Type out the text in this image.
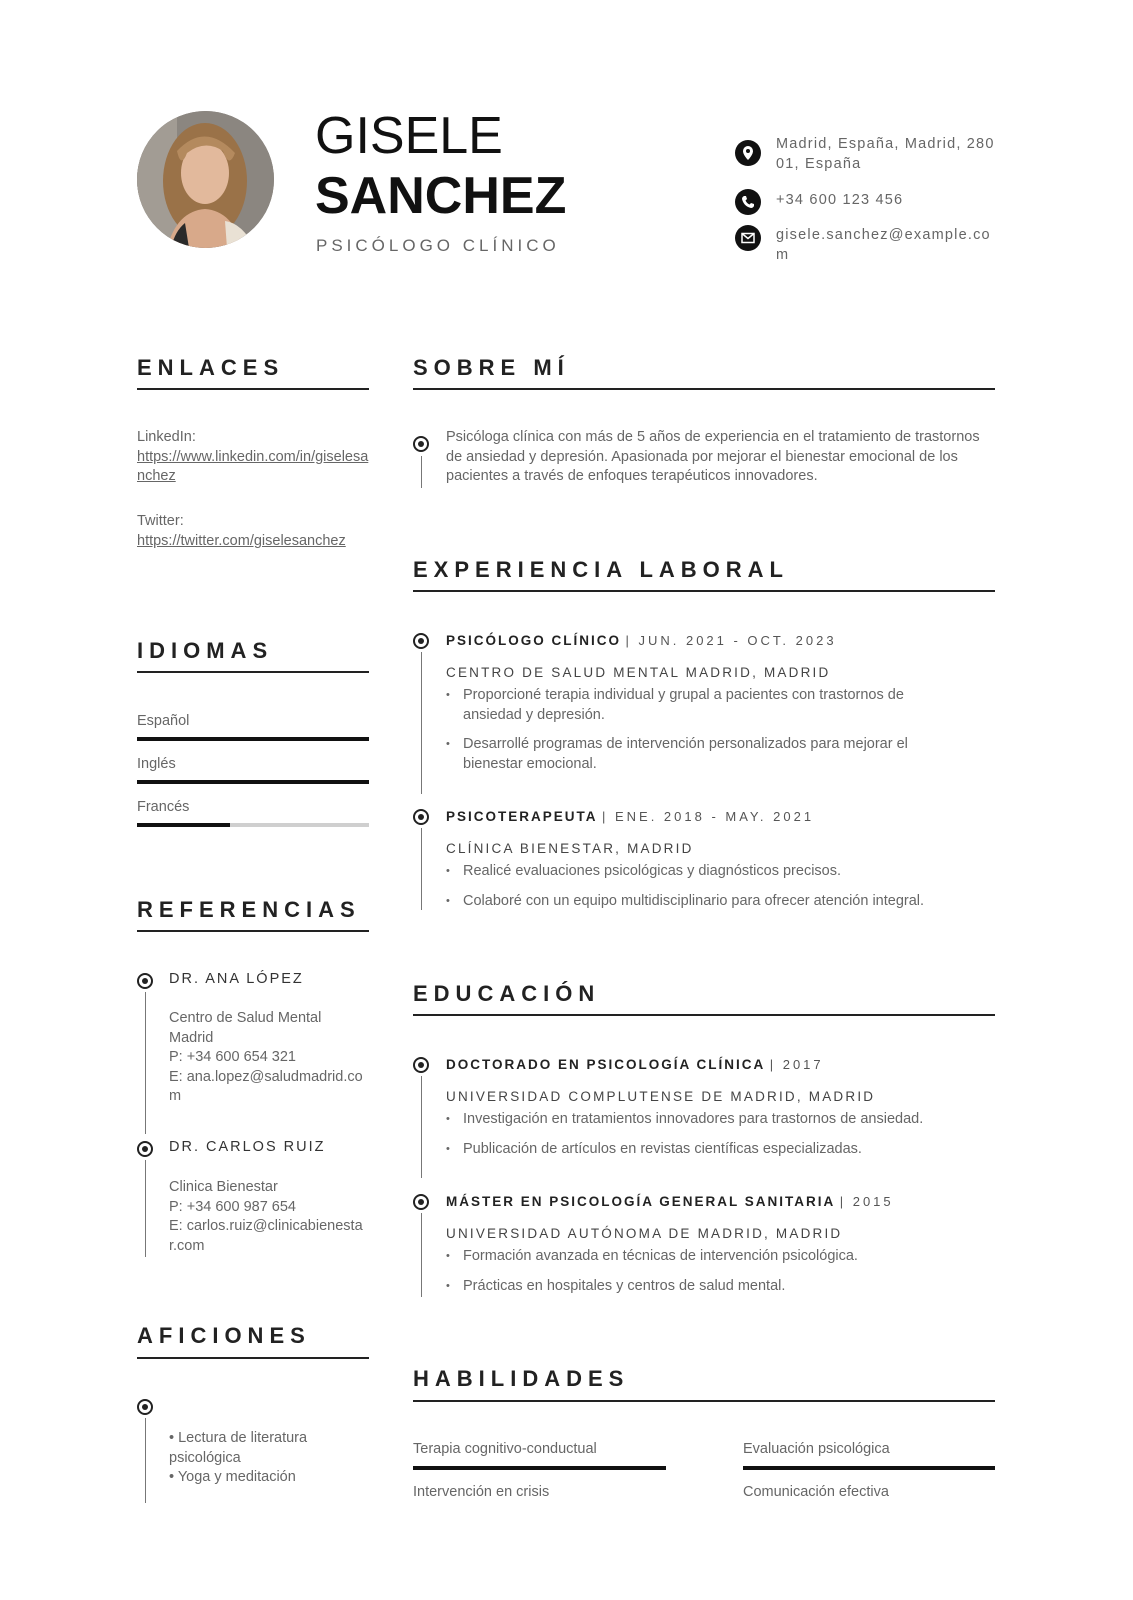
GISELE
SANCHEZ
PSICÓLOGO CLÍNICO
Madrid, España, Madrid, 28001, España
+34 600 123 456
gisele.sanchez@example.com
ENLACES
LinkedIn:
https://www.linkedin.com/in/giselesanchez
Twitter:
https://twitter.com/giselesanchez
IDIOMAS
Español
Inglés
Francés
REFERENCIAS
DR. ANA LÓPEZ
Centro de Salud Mental Madrid
P: +34 600 654 321
E: ana.lopez@saludmadrid.com
DR. CARLOS RUIZ
Clinica Bienestar
P: +34 600 987 654
E: carlos.ruiz@clinicabienestar.com
AFICIONES
• Lectura de literatura psicológica
• Yoga y meditación
SOBRE MÍ
Psicóloga clínica con más de 5 años de experiencia en el tratamiento de trastornos de ansiedad y depresión. Apasionada por mejorar el bienestar emocional de los pacientes a través de enfoques terapéuticos innovadores.
EXPERIENCIA LABORAL
PSICÓLOGO CLÍNICO | JUN. 2021 - OCT. 2023
CENTRO DE SALUD MENTAL MADRID, MADRID
• Proporcioné terapia individual y grupal a pacientes con trastornos de ansiedad y depresión.
• Desarrollé programas de intervención personalizados para mejorar el bienestar emocional.
PSICOTERAPEUTA | ENE. 2018 - MAY. 2021
CLÍNICA BIENESTAR, MADRID
• Realicé evaluaciones psicológicas y diagnósticos precisos.
• Colaboré con un equipo multidisciplinario para ofrecer atención integral.
EDUCACIÓN
DOCTORADO EN PSICOLOGÍA CLÍNICA | 2017
UNIVERSIDAD COMPLUTENSE DE MADRID, MADRID
• Investigación en tratamientos innovadores para trastornos de ansiedad.
• Publicación de artículos en revistas científicas especializadas.
MÁSTER EN PSICOLOGÍA GENERAL SANITARIA | 2015
UNIVERSIDAD AUTÓNOMA DE MADRID, MADRID
• Formación avanzada en técnicas de intervención psicológica.
• Prácticas en hospitales y centros de salud mental.
HABILIDADES
Terapia cognitivo-conductual	Evaluación psicológica
Intervención en crisis	Comunicación efectiva
